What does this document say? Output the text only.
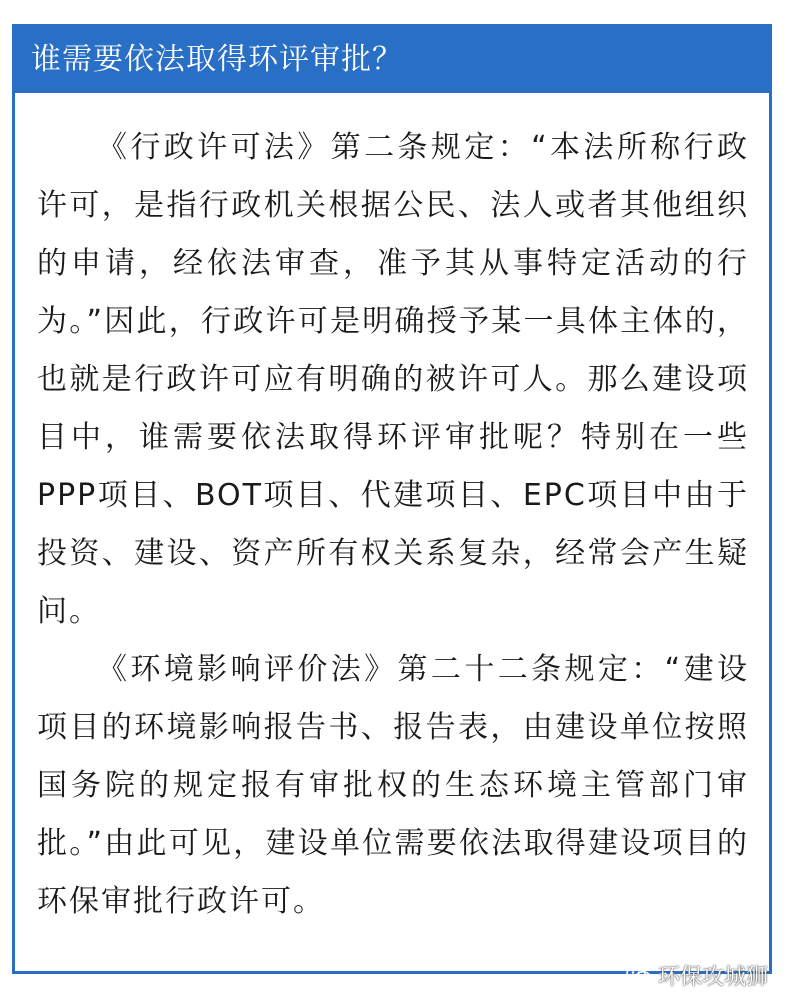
谁需要依法取得环评审批？

《行政许可法》第二条规定：“本法所称行政许可，是指行政机关根据公民、法人或者其他组织的申请，经依法审查，准予其从事特定活动的行为。”因此，行政许可是明确授予某一具体主体的，也就是行政许可应有明确的被许可人。那么建设项目中，谁需要依法取得环评审批呢？特别在一些PPP项目、BOT项目、代建项目、EPC项目中由于投资、建设、资产所有权关系复杂，经常会产生疑问。

《环境影响评价法》第二十二条规定：“建设项目的环境影响报告书、报告表，由建设单位按照国务院的规定报有审批权的生态环境主管部门审批。”由此可见，建设单位需要依法取得建设项目的环保审批行政许可。

环保攻城狮
